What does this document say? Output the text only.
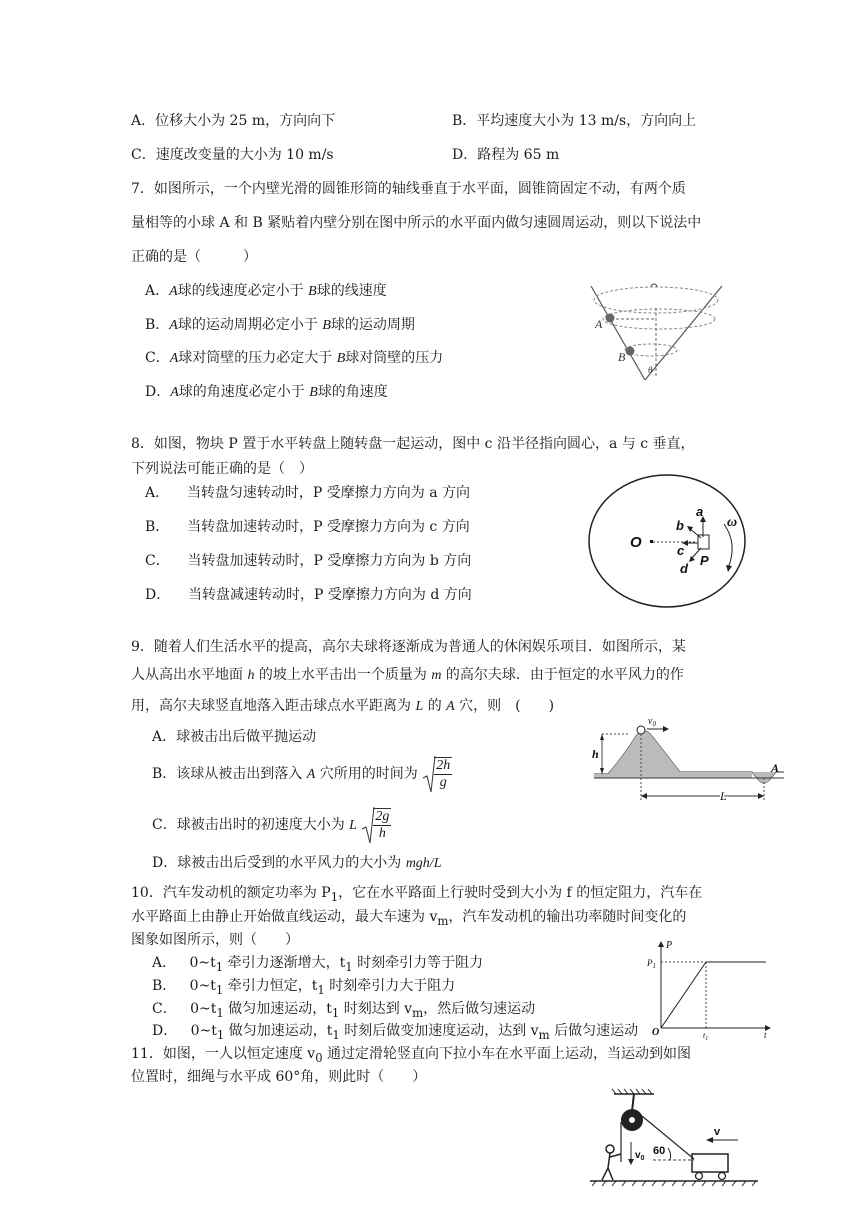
A．位移大小为 25 m，方向向下	B．平均速度大小为 13 m/s，方向向上
C．速度改变量的大小为 10 m/s	D．路程为 65 m
7．如图所示，一个内壁光滑的圆锥形筒的轴线垂直于水平面，圆锥筒固定不动，有两个质
量相等的小球 A 和 B 紧贴着内壁分别在图中所示的水平面内做匀速圆周运动，则以下说法中
正确的是（　　　）
A．A球的线速度必定小于 B球的线速度
B．A球的运动周期必定小于 B球的运动周期
C．A球对筒壁的压力必定大于 B球对筒壁的压力
D．A球的角速度必定小于 B球的角速度
A
B
θ
8．如图，物块 P 置于水平转盘上随转盘一起运动，图中 c 沿半径指向圆心，a 与 c 垂直，
下列说法可能正确的是（　）
A． 当转盘匀速转动时，P 受摩擦力方向为 a 方向
B． 当转盘加速转动时，P 受摩擦力方向为 c 方向
C． 当转盘加速转动时，P 受摩擦力方向为 b 方向
D． 当转盘减速转动时，P 受摩擦力方向为 d 方向
O
a
b
c
d
P
ω
9．随着人们生活水平的提高，高尔夫球将逐渐成为普通人的休闲娱乐项目．如图所示，某
人从高出水平地面 h 的坡上水平击出一个质量为 m 的高尔夫球．由于恒定的水平风力的作
用，高尔夫球竖直地落入距击球点水平距离为 L 的 A 穴，则　(　　)
A．球被击出后做平抛运动
B．该球从被击出到落入 A 穴所用的时间为 $\frac{2h}{g}$
C．球被击出时的初速度大小为 L $\frac{2g}{h}$
D．球被击出后受到的水平风力的大小为 mgh/L
$v_0$
h
L
A
10．汽车发动机的额定功率为 $P_1$，它在水平路面上行驶时受到大小为 f 的恒定阻力，汽车在
水平路面上由静止开始做直线运动，最大车速为 $v_m$，汽车发动机的输出功率随时间变化的
图象如图所示，则（　　）
A． $0\sim t_1$ 牵引力逐渐增大，$t_1$ 时刻牵引力等于阻力
B． $0\sim t_1$ 牵引力恒定，$t_1$ 时刻牵引力大于阻力
C． $0\sim t_1$ 做匀加速运动，$t_1$ 时刻达到 $v_m$，然后做匀速运动
D． $0\sim t_1$ 做匀加速运动，$t_1$ 时刻后做变加速度运动，达到 $v_m$ 后做匀速运动
P
$P_1$
O	$t_1$	t
11．如图，一人以恒定速度 $v_0$ 通过定滑轮竖直向下拉小车在水平面上运动，当运动到如图
位置时，细绳与水平成 60°角，则此时（　　）
$v_0$
60
v
